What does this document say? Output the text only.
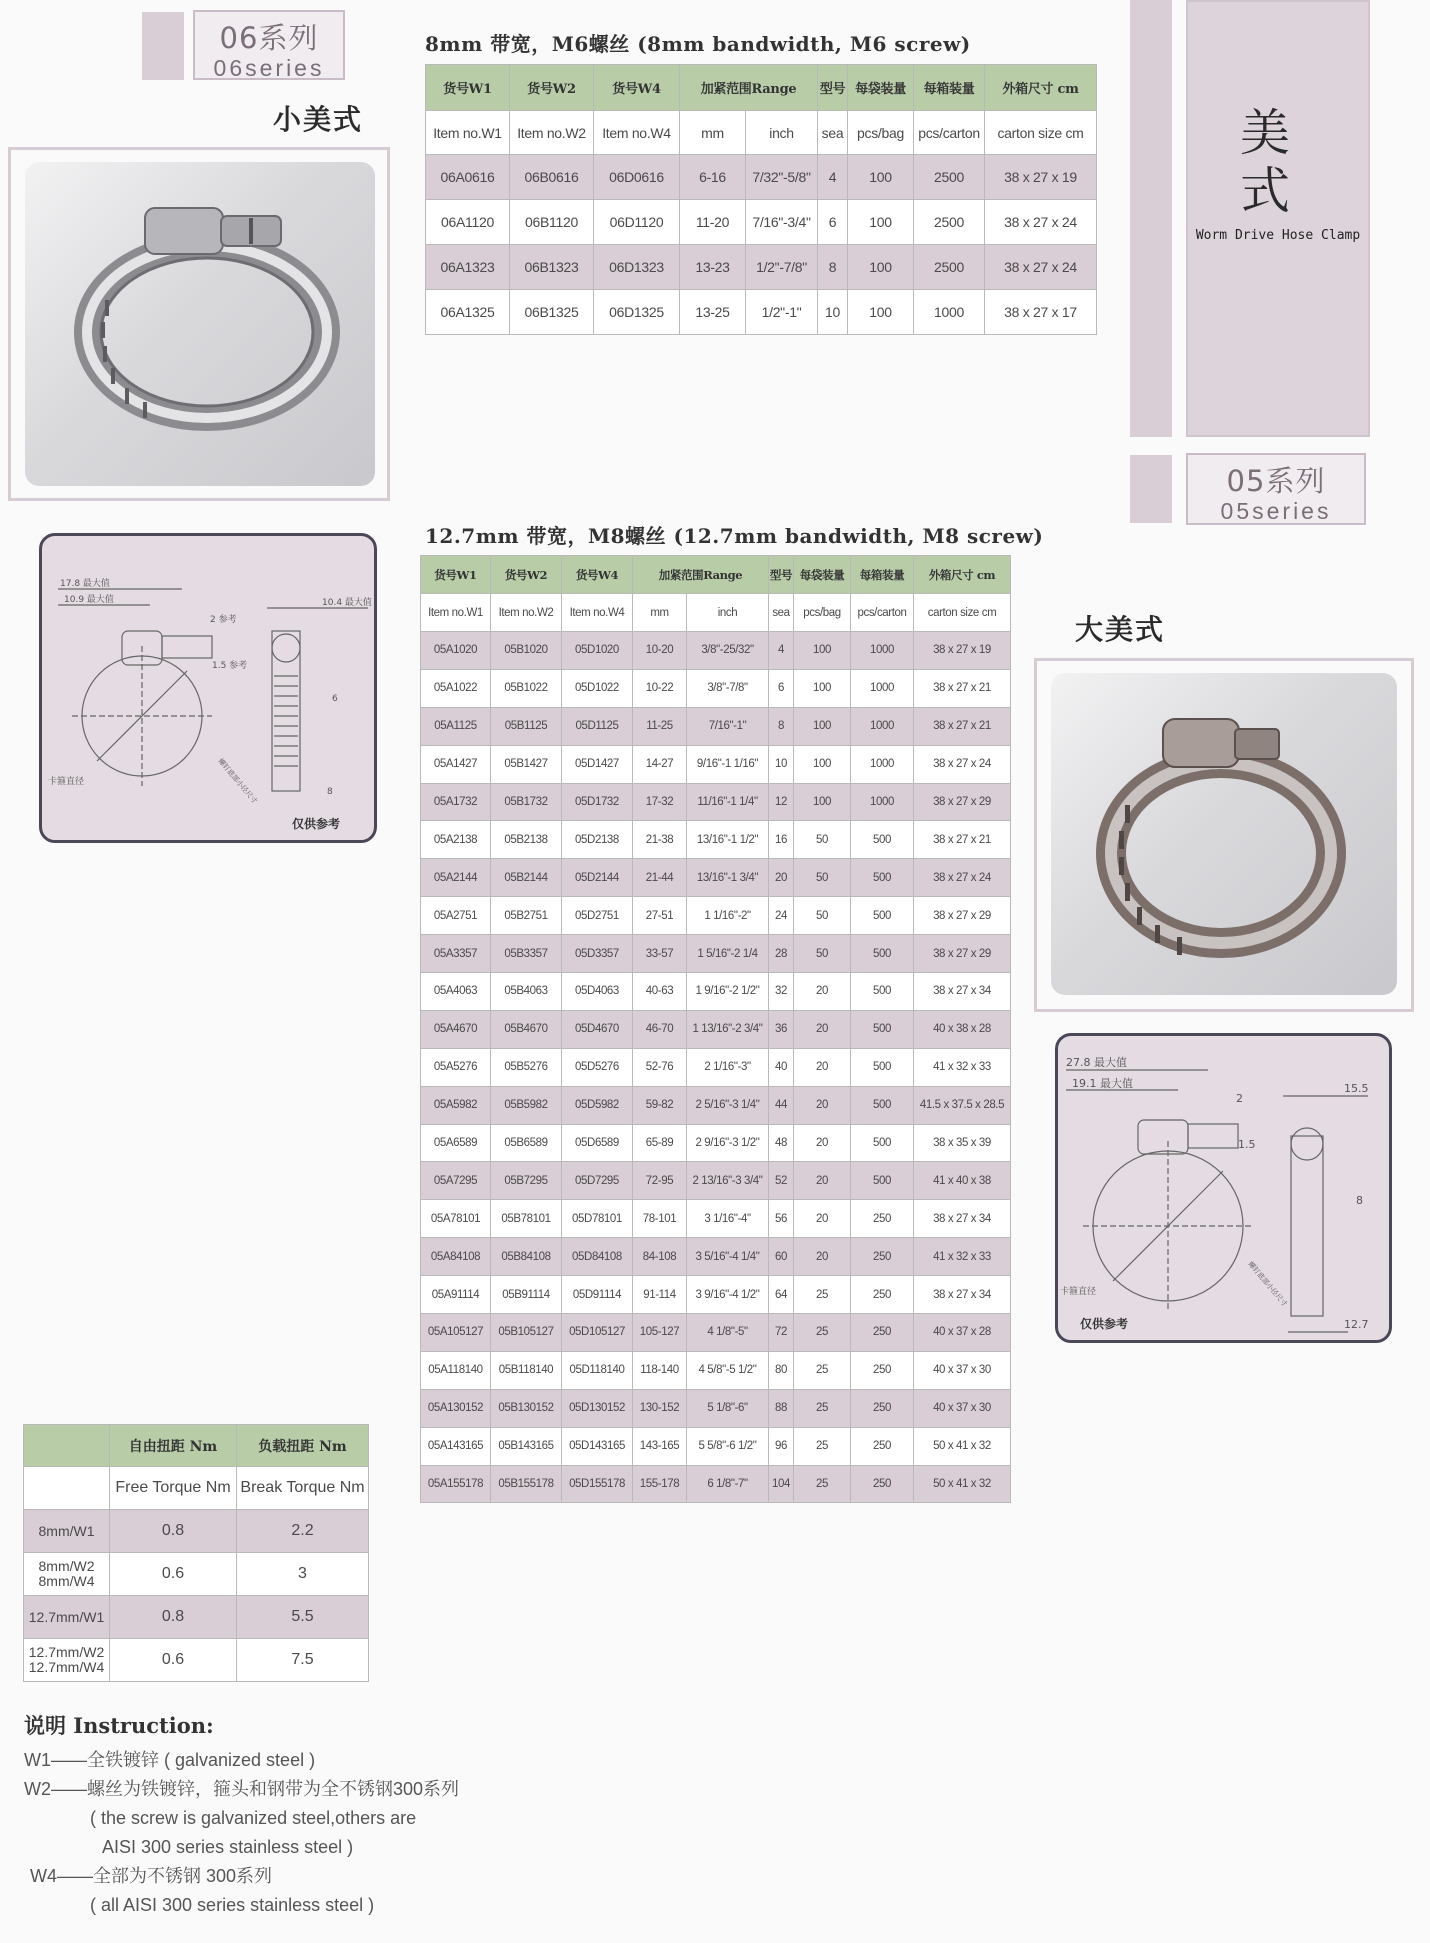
06系列
06series
小美式
17.8 最大值
10.9 最大值
2 参考
1.5 参考
10.4 最大值
6
8
卡箍直径	螺钉底部小径尺寸
仅供参考
8mm 带宽，M6螺丝 (8mm bandwidth, M6 screw)
货号W1	货号W2	货号W4	加紧范围Range		型号	每袋装量	每箱装量	外箱尺寸 cm
Item no.W1	Item no.W2	Item no.W4	mm	inch	sea	pcs/bag	pcs/carton	carton size cm
06A0616	06B0616	06D0616	6-16	7/32"-5/8"	4	100	2500	38 x 27 x 19
06A1120	06B1120	06D1120	11-20	7/16"-3/4"	6	100	2500	38 x 27 x 24
06A1323	06B1323	06D1323	13-23	1/2"-7/8"	8	100	2500	38 x 27 x 24
06A1325	06B1325	06D1325	13-25	1/2"-1"	10	100	1000	38 x 27 x 17
美式
Worm Drive Hose Clamp
05系列
05series
大美式
27.8 最大值
19.1 最大值
2
1.5
15.5
8
12.7
卡箍直径	螺钉底部小径尺寸
仅供参考
12.7mm 带宽，M8螺丝 (12.7mm bandwidth, M8 screw)
货号W1	货号W2	货号W4	加紧范围Range		型号	每袋装量	每箱装量	外箱尺寸 cm
Item no.W1	Item no.W2	Item no.W4	mm	inch	sea	pcs/bag	pcs/carton	carton size cm
05A1020	05B1020	05D1020	10-20	3/8"-25/32"	4	100	1000	38 x 27 x 19
05A1022	05B1022	05D1022	10-22	3/8"-7/8"	6	100	1000	38 x 27 x 21
05A1125	05B1125	05D1125	11-25	7/16"-1"	8	100	1000	38 x 27 x 21
05A1427	05B1427	05D1427	14-27	9/16"-1 1/16"	10	100	1000	38 x 27 x 24
05A1732	05B1732	05D1732	17-32	11/16"-1 1/4"	12	100	1000	38 x 27 x 29
05A2138	05B2138	05D2138	21-38	13/16"-1 1/2"	16	50	500	38 x 27 x 21
05A2144	05B2144	05D2144	21-44	13/16"-1 3/4"	20	50	500	38 x 27 x 24
05A2751	05B2751	05D2751	27-51	1 1/16"-2"	24	50	500	38 x 27 x 29
05A3357	05B3357	05D3357	33-57	1 5/16"-2 1/4	28	50	500	38 x 27 x 29
05A4063	05B4063	05D4063	40-63	1 9/16"-2 1/2"	32	20	500	38 x 27 x 34
05A4670	05B4670	05D4670	46-70	1 13/16"-2 3/4"	36	20	500	40 x 38 x 28
05A5276	05B5276	05D5276	52-76	2 1/16"-3"	40	20	500	41 x 32 x 33
05A5982	05B5982	05D5982	59-82	2 5/16"-3 1/4"	44	20	500	41.5 x 37.5 x 28.5
05A6589	05B6589	05D6589	65-89	2 9/16"-3 1/2"	48	20	500	38 x 35 x 39
05A7295	05B7295	05D7295	72-95	2 13/16"-3 3/4"	52	20	500	41 x 40 x 38
05A78101	05B78101	05D78101	78-101	3 1/16"-4"	56	20	250	38 x 27 x 34
05A84108	05B84108	05D84108	84-108	3 5/16"-4 1/4"	60	20	250	41 x 32 x 33
05A91114	05B91114	05D91114	91-114	3 9/16"-4 1/2"	64	25	250	38 x 27 x 34
05A105127	05B105127	05D105127	105-127	4 1/8"-5"	72	25	250	40 x 37 x 28
05A118140	05B118140	05D118140	118-140	4 5/8"-5 1/2"	80	25	250	40 x 37 x 30
05A130152	05B130152	05D130152	130-152	5 1/8"-6"	88	25	250	40 x 37 x 30
05A143165	05B143165	05D143165	143-165	5 5/8"-6 1/2"	96	25	250	50 x 41 x 32
05A155178	05B155178	05D155178	155-178	6 1/8"-7"	104	25	250	50 x 41 x 32
	自由扭距 Nm	负载扭距 Nm
	Free Torque Nm	Break Torque Nm

8mm/W1	0.8	2.2

8mm/W2
8mm/W4	0.6	3

12.7mm/W1	0.8	5.5

12.7mm/W2
12.7mm/W4	0.6	7.5
说明 Instruction:
W1——全铁镀锌 ( galvanized steel )
W2——螺丝为铁镀锌，箍头和钢带为全不锈钢300系列
( the screw is galvanized steel,others are
AISI 300 series stainless steel )
W4——全部为不锈钢 300系列
( all AISI 300 series stainless steel )
